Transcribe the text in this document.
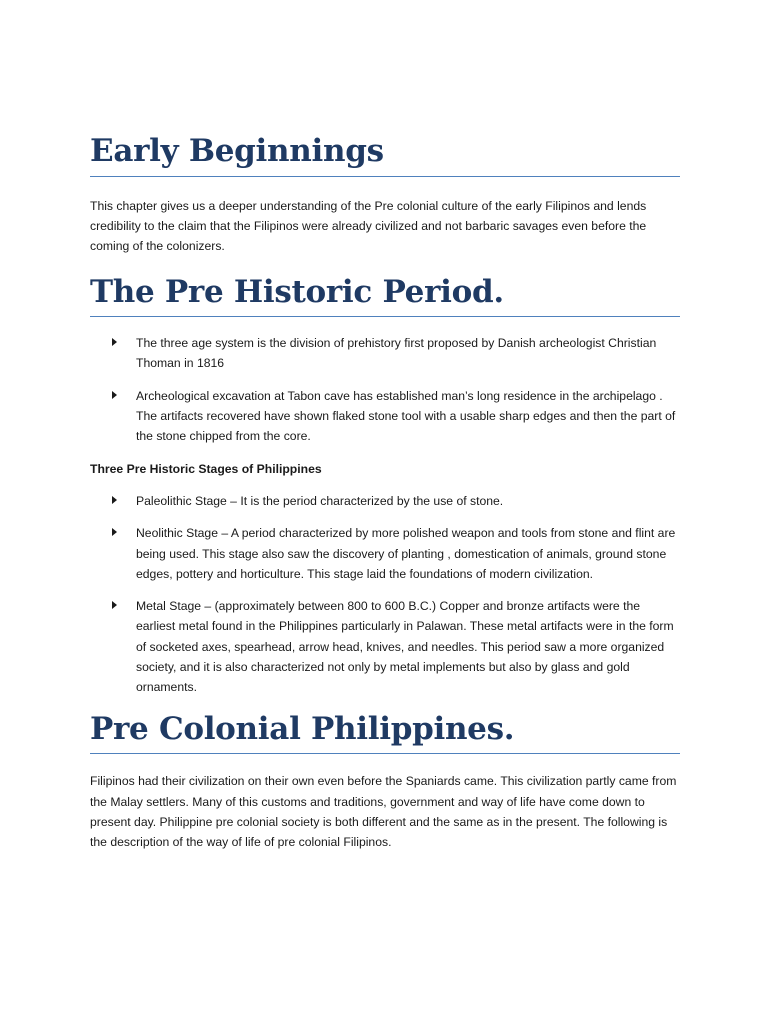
Early Beginnings

This chapter gives us a deeper understanding of the Pre colonial culture of the early Filipinos and lends credibility to the claim that the Filipinos were already civilized and not barbaric savages even before the coming of the colonizers.

The Pre Historic Period.
The three age system is the division of prehistory first proposed by Danish archeologist Christian Thoman in 1816
Archeological excavation at Tabon cave has established man’s long residence in the archipelago . The artifacts recovered have shown flaked stone tool with a usable sharp edges and then the part of the stone chipped from the core.

Three Pre Historic Stages of Philippines

Paleolithic Stage – It is the period characterized by the use of stone.
Neolithic Stage – A period characterized by more polished weapon and tools from stone and flint are being used. This stage also saw the discovery of planting , domestication of animals, ground stone edges, pottery and horticulture. This stage laid the foundations of modern civilization.
Metal Stage – (approximately between 800 to 600 B.C.) Copper and bronze artifacts were the earliest metal found in the Philippines particularly in Palawan. These metal artifacts were in the form of socketed axes, spearhead, arrow head, knives, and needles. This period saw a more organized society, and it is also characterized not only by metal implements but also by glass and gold ornaments.
Pre Colonial Philippines.

Filipinos had their civilization on their own even before the Spaniards came. This civilization partly came from the Malay settlers. Many of this customs and traditions, government and way of life have come down to present day. Philippine pre colonial society is both different and the same as in the present. The following is the description of the way of life of pre colonial Filipinos.
